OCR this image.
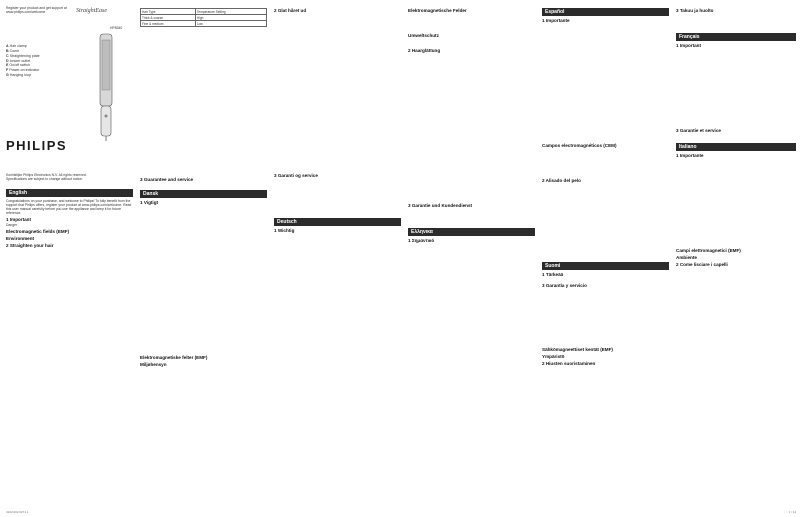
Register your product and get support at
www.philips.com/welcome	StraightEase
HP8340
A Hair clamp
B Comb
C Straightening plate
D Ionizer outlet
E On/off switch
F Power-on indicator
G Hanging loop
PHILIPS
Koninklijke Philips Electronics N.V. All rights reserved.
Specifications are subject to change without notice.
English
Congratulations on your purchase, and welcome to Philips! To fully benefit from the support that Philips offers, register your product at www.philips.com/welcome. Read this user manual carefully before you use the appliance and keep it for future reference.
1 Important
Danger
Electromagnetic fields (EMF)
Environment
2 Straighten your hair
Hair Type	Temperature Setting
Thick & coarse	High
Fine & medium	Low
3 Guarantee and service
Dansk
1 Vigtigt
Elektromagnetiske felter (EMF)
Miljøhensyn
2 Glat håret ud
3 Garanti og service
Deutsch
1 Wichtig
Elektromagnetische Felder
Umweltschutz
2 Haarglättung
3 Garantie und Kundendienst
Ελληνικα
1 Σημαντικό
Español
1 Importante
Campos electromagnéticos (CEM)
2 Alisado del pelo
3 Garantía y servicio
3 Takuu ja huolto
Français
1 Important
3 Garantie et service
Italiano
1 Importante
Campi elettromagnetici (EMF)
Ambiente
2 Come lisciare i capelli
Suomi
1 Tärkeää
Sähkömagneettiset kentät (EMF)
Ympäristö
2 Hiusten suoristaminen
4222.002.6271.1	1 / 14
